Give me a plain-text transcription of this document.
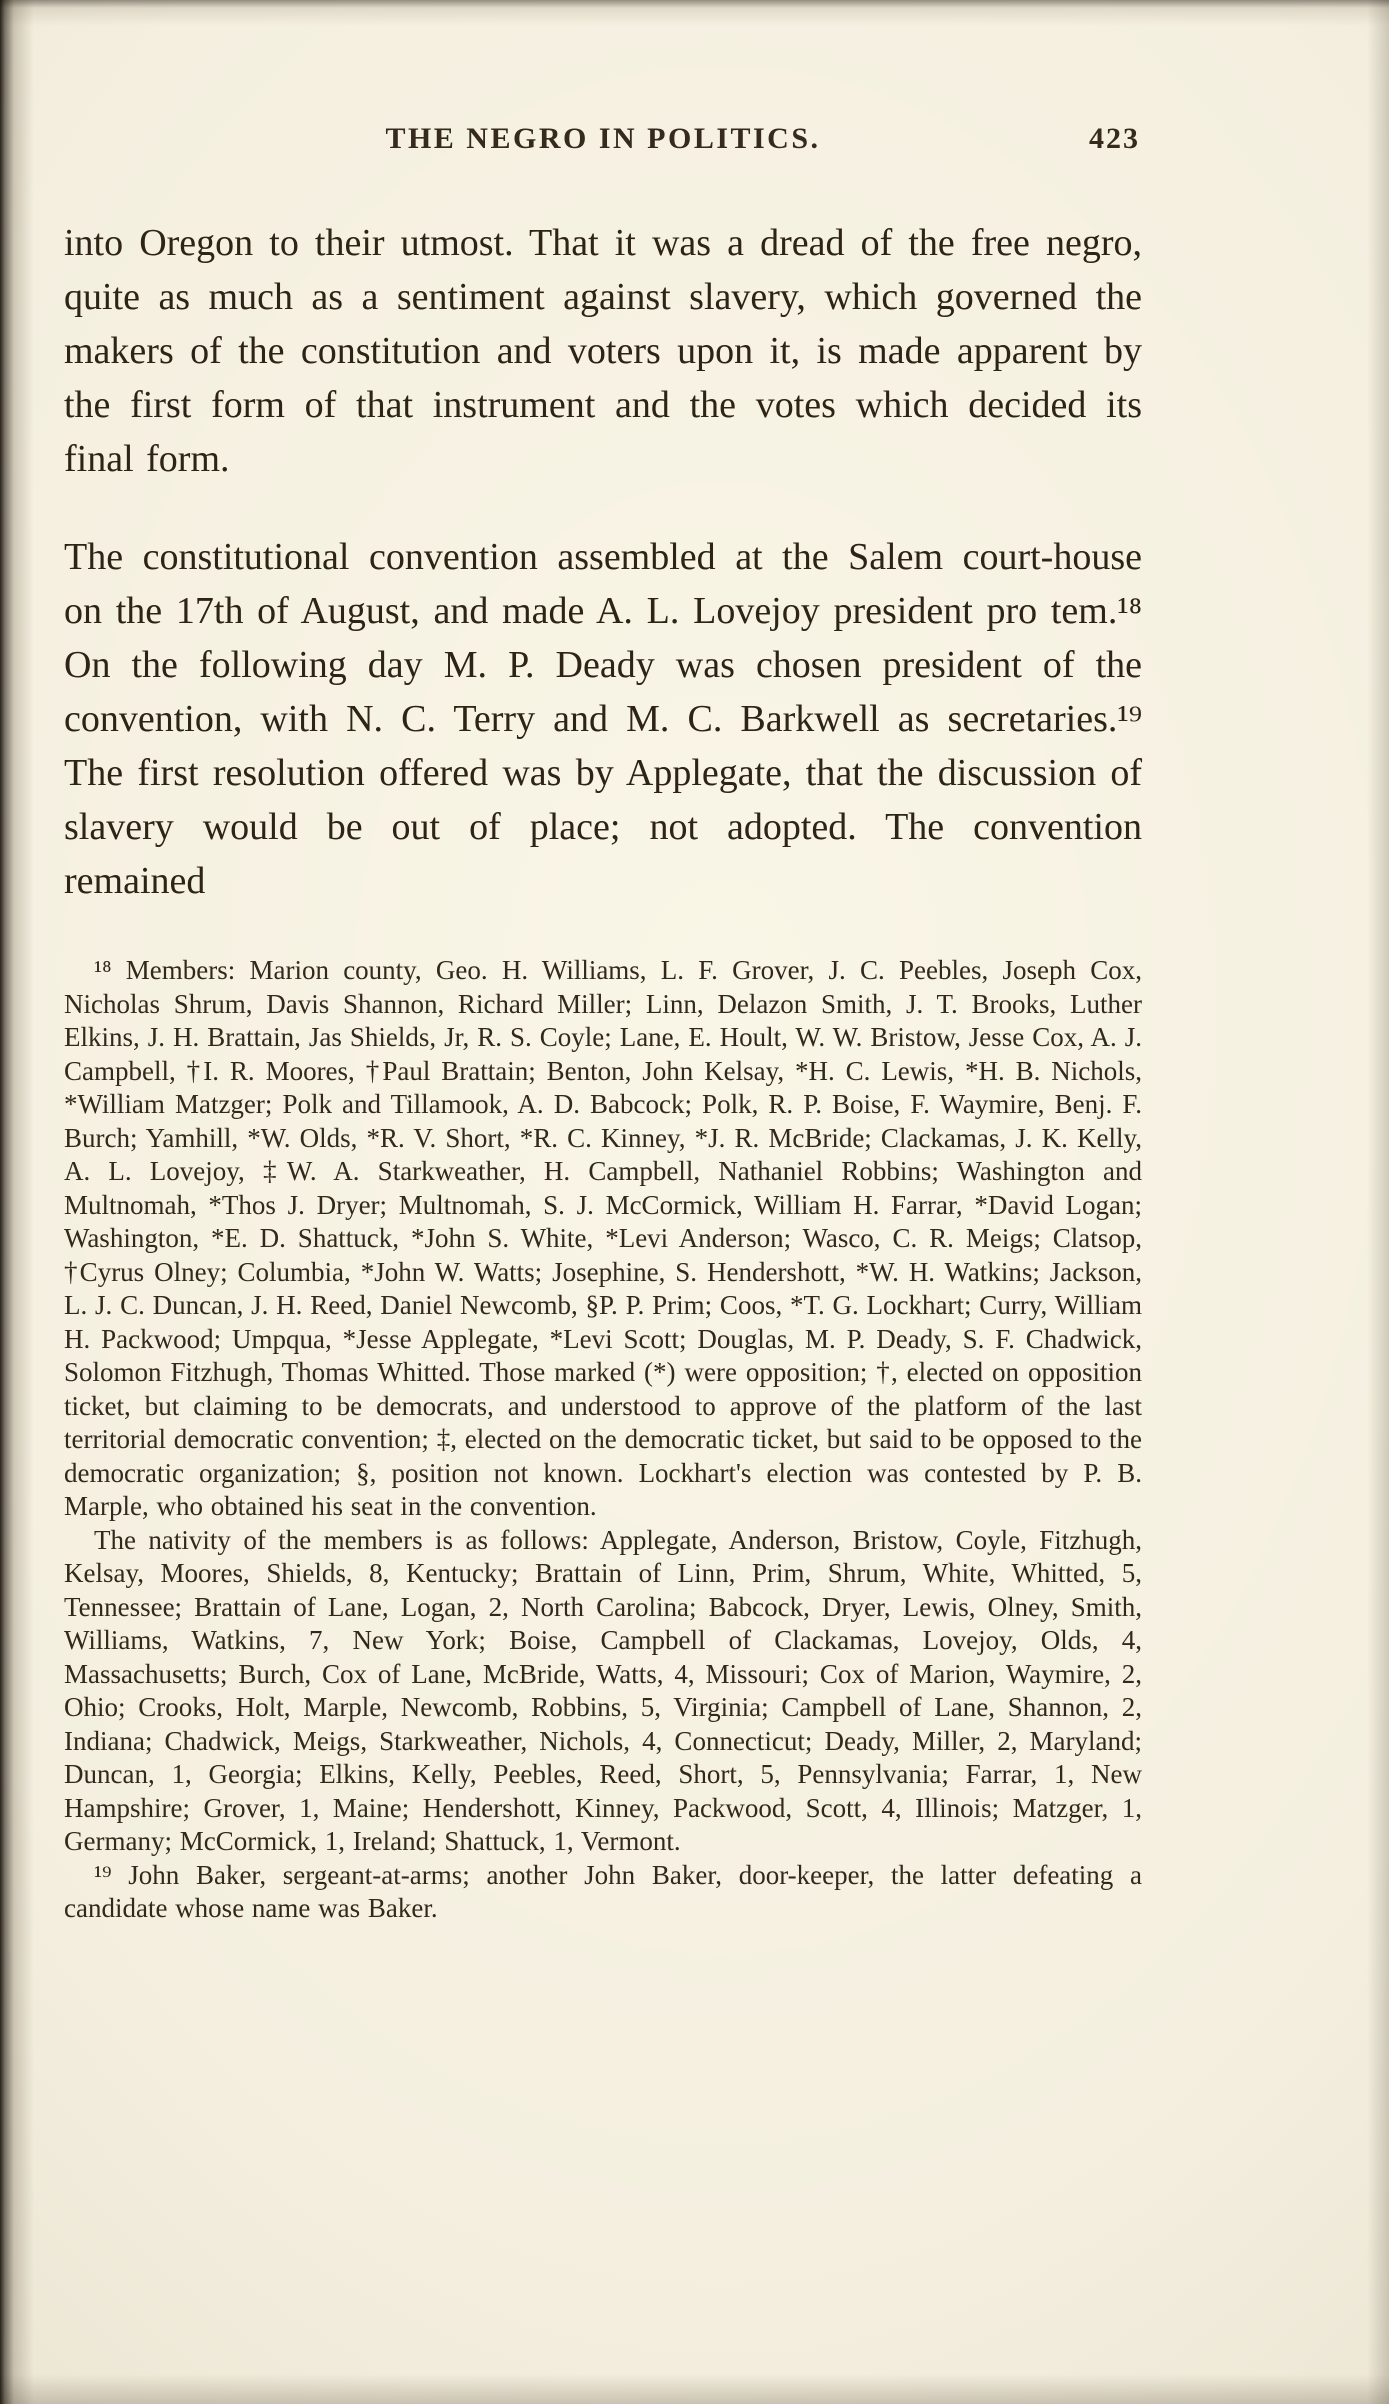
THE NEGRO IN POLITICS.	423

into Oregon to their utmost. That it was a dread of the free negro, quite as much as a sentiment against slavery, which governed the makers of the constitution and voters upon it, is made apparent by the first form of that instrument and the votes which decided its final form.

The constitutional convention assembled at the Salem court-house on the 17th of August, and made A. L. Lovejoy president pro tem.¹⁸ On the following day M. P. Deady was chosen president of the convention, with N. C. Terry and M. C. Barkwell as secretaries.¹⁹ The first resolution offered was by Applegate, that the discussion of slavery would be out of place; not adopted. The convention remained

¹⁸ Members: Marion county, Geo. H. Williams, L. F. Grover, J. C. Peebles, Joseph Cox, Nicholas Shrum, Davis Shannon, Richard Miller; Linn, Delazon Smith, J. T. Brooks, Luther Elkins, J. H. Brattain, Jas Shields, Jr, R. S. Coyle; Lane, E. Hoult, W. W. Bristow, Jesse Cox, A. J. Campbell, †I. R. Moores, †Paul Brattain; Benton, John Kelsay, *H. C. Lewis, *H. B. Nichols, *William Matzger; Polk and Tillamook, A. D. Babcock; Polk, R. P. Boise, F. Waymire, Benj. F. Burch; Yamhill, *W. Olds, *R. V. Short, *R. C. Kinney, *J. R. McBride; Clackamas, J. K. Kelly, A. L. Lovejoy, ‡W. A. Starkweather, H. Campbell, Nathaniel Robbins; Washington and Multnomah, *Thos J. Dryer; Multnomah, S. J. McCormick, William H. Farrar, *David Logan; Washington, *E. D. Shattuck, *John S. White, *Levi Anderson; Wasco, C. R. Meigs; Clatsop, †Cyrus Olney; Columbia, *John W. Watts; Josephine, S. Hendershott, *W. H. Watkins; Jackson, L. J. C. Duncan, J. H. Reed, Daniel Newcomb, §P. P. Prim; Coos, *T. G. Lockhart; Curry, William H. Packwood; Umpqua, *Jesse Applegate, *Levi Scott; Douglas, M. P. Deady, S. F. Chadwick, Solomon Fitzhugh, Thomas Whitted. Those marked (*) were opposition; †, elected on opposition ticket, but claiming to be democrats, and understood to approve of the platform of the last territorial democratic convention; ‡, elected on the democratic ticket, but said to be opposed to the democratic organization; §, position not known. Lockhart's election was contested by P. B. Marple, who obtained his seat in the convention.

The nativity of the members is as follows: Applegate, Anderson, Bristow, Coyle, Fitzhugh, Kelsay, Moores, Shields, 8, Kentucky; Brattain of Linn, Prim, Shrum, White, Whitted, 5, Tennessee; Brattain of Lane, Logan, 2, North Carolina; Babcock, Dryer, Lewis, Olney, Smith, Williams, Watkins, 7, New York; Boise, Campbell of Clackamas, Lovejoy, Olds, 4, Massachusetts; Burch, Cox of Lane, McBride, Watts, 4, Missouri; Cox of Marion, Waymire, 2, Ohio; Crooks, Holt, Marple, Newcomb, Robbins, 5, Virginia; Campbell of Lane, Shannon, 2, Indiana; Chadwick, Meigs, Starkweather, Nichols, 4, Connecticut; Deady, Miller, 2, Maryland; Duncan, 1, Georgia; Elkins, Kelly, Peebles, Reed, Short, 5, Pennsylvania; Farrar, 1, New Hampshire; Grover, 1, Maine; Hendershott, Kinney, Packwood, Scott, 4, Illinois; Matzger, 1, Germany; McCormick, 1, Ireland; Shattuck, 1, Vermont.

¹⁹ John Baker, sergeant-at-arms; another John Baker, door-keeper, the latter defeating a candidate whose name was Baker.
